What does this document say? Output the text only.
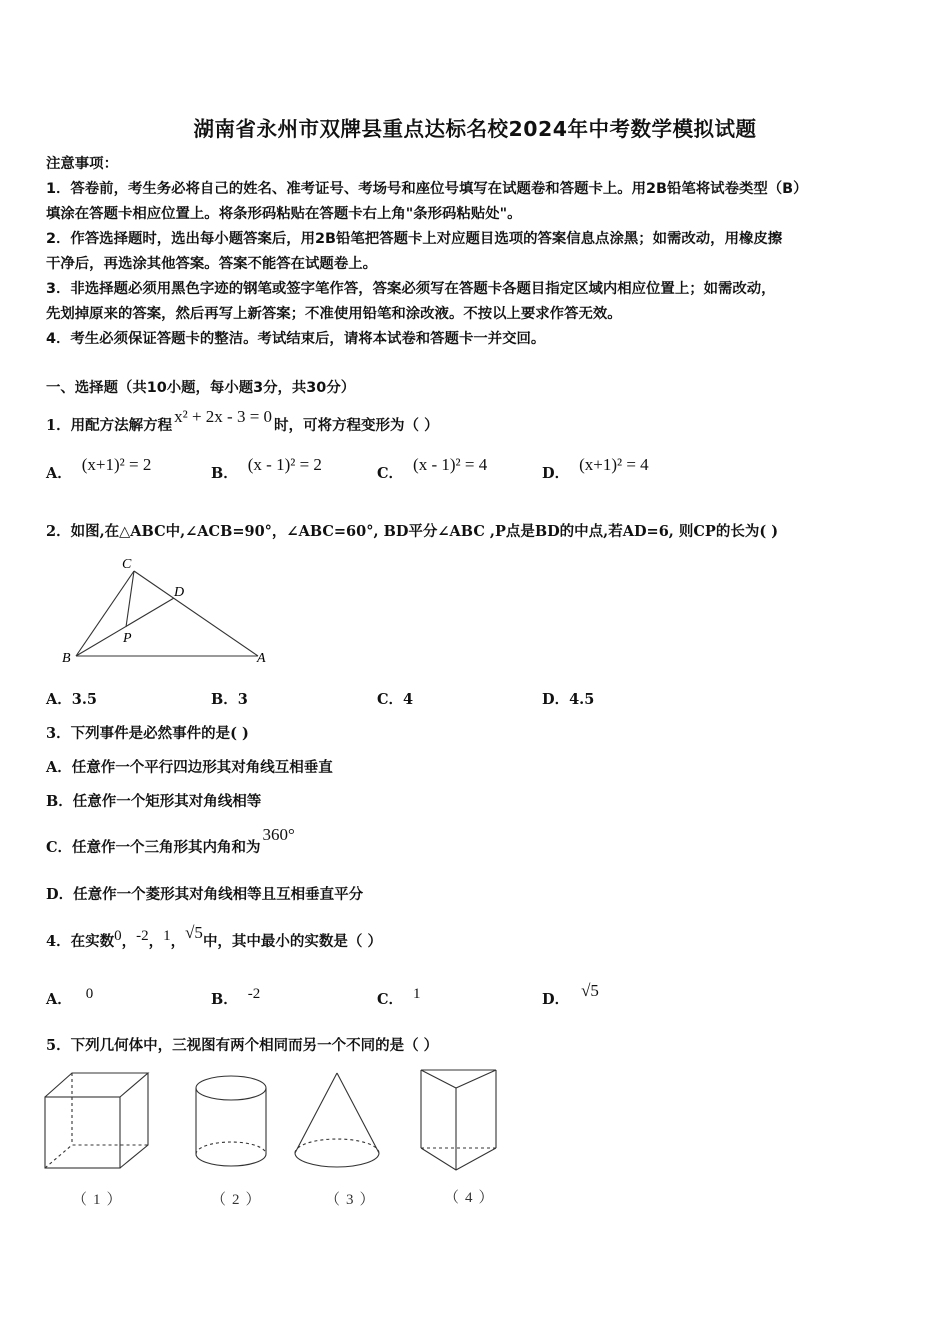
湖南省永州市双牌县重点达标名校2024年中考数学模拟试题
注意事项：
1．答卷前，考生务必将自己的姓名、准考证号、考场号和座位号填写在试题卷和答题卡上。用2B铅笔将试卷类型（B）
填涂在答题卡相应位置上。将条形码粘贴在答题卡右上角"条形码粘贴处"。
2．作答选择题时，选出每小题答案后，用2B铅笔把答题卡上对应题目选项的答案信息点涂黑；如需改动，用橡皮擦
干净后，再选涂其他答案。答案不能答在试题卷上。
3．非选择题必须用黑色字迹的钢笔或签字笔作答，答案必须写在答题卡各题目指定区域内相应位置上；如需改动，
先划掉原来的答案，然后再写上新答案；不准使用铅笔和涂改液。不按以上要求作答无效。
4．考生必须保证答题卡的整洁。考试结束后，请将本试卷和答题卡一并交回。
一、选择题（共10小题，每小题3分，共30分）
1．用配方法解方程 x² + 2x - 3 = 0 时，可将方程变形为（ ）
A． (x+1)² = 2	B． (x - 1)² = 2	C． (x - 1)² = 4	D． (x+1)² = 4
2．如图,在△ABC中,∠ACB=90°，∠ABC=60°, BD平分∠ABC ,P点是BD的中点,若AD=6, 则CP的长为( )
C
D
P
B	A
A．3.5	B．3	C．4	D．4.5
3．下列事件是必然事件的是( )
A．任意作一个平行四边形其对角线互相垂直
B．任意作一个矩形其对角线相等
C．任意作一个三角形其内角和为360°
D．任意作一个菱形其对角线相等且互相垂直平分
4．在实数0，-2，1，√5中，其中最小的实数是（ ）
A． 0	B． -2	C． 1	D． √5
5．下列几何体中，三视图有两个相同而另一个不同的是（ ）
（1）	（2）	（3）	（4）
